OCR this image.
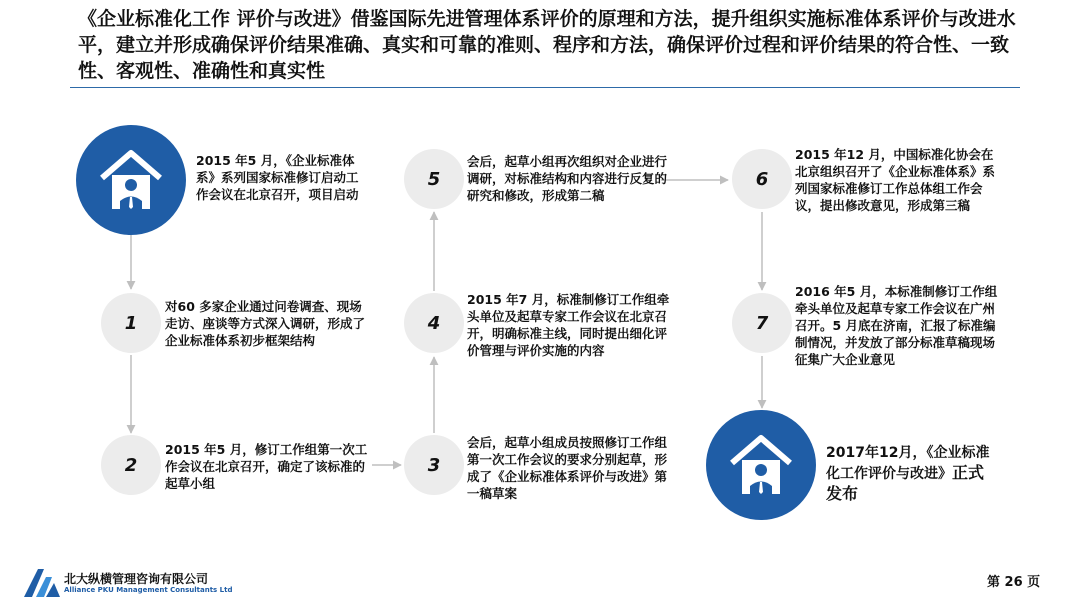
《企业标准化工作 评价与改进》借鉴国际先进管理体系评价的原理和方法，提升组织实施标准体系评价与改进水平，建立并形成确保评价结果准确、真实和可靠的准则、程序和方法，确保评价过程和评价结果的符合性、一致性、客观性、准确性和真实性
2015 年5 月，《企业标准体系》系列国家标准修订启动工作会议在北京召开，项目启动
1
对60 多家企业通过问卷调查、现场走访、座谈等方式深入调研，形成了企业标准体系初步框架结构
2
2015 年5 月，修订工作组第一次工作会议在北京召开，确定了该标准的起草小组
3
会后，起草小组成员按照修订工作组第一次工作会议的要求分别起草，形成了《企业标准体系评价与改进》第一稿草案
4
2015 年7 月，标准制修订工作组牵头单位及起草专家工作会议在北京召开，明确标准主线，同时提出细化评价管理与评价实施的内容
5
会后，起草小组再次组织对企业进行调研，对标准结构和内容进行反复的研究和修改，形成第二稿
6
2015 年12 月，中国标准化协会在北京组织召开了《企业标准体系》系列国家标准修订工作总体组工作会议，提出修改意见，形成第三稿
7
2016 年5 月，本标准制修订工作组牵头单位及起草专家工作会议在广州召开。5 月底在济南，汇报了标准编制情况，并发放了部分标准草稿现场征集广大企业意见
2017年12月，《企业标准化工作评价与改进》正式发布
北大纵横管理咨询有限公司
Alliance PKU Management Consultants Ltd	第 26 页
